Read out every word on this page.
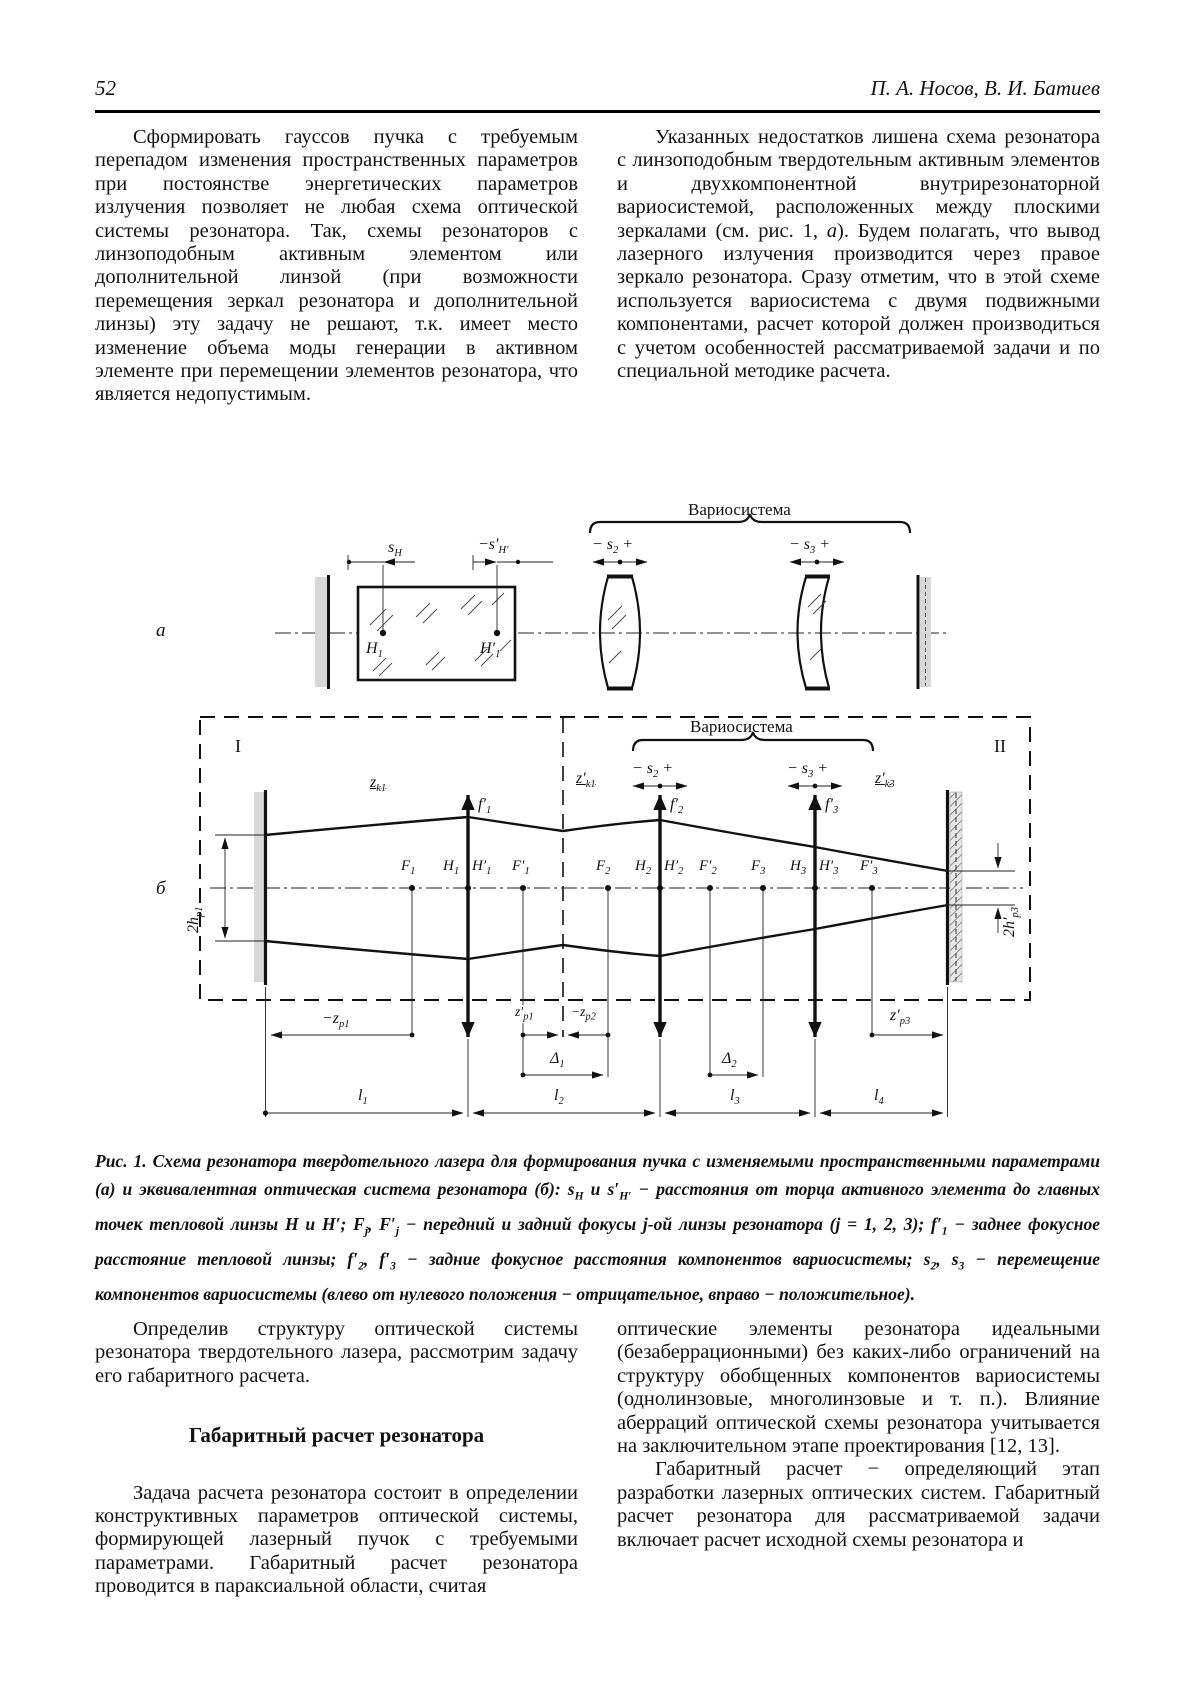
52	П. А. Носов, В. И. Батиев

Сформировать гауссов пучка с требуемым перепадом изменения пространственных параметров при постоянстве энергетических параметров излучения позволяет не любая схема оптической системы резонатора. Так, схемы резонаторов с линзоподобным активным элементом или дополнительной линзой (при возможности перемещения зеркал резонатора и дополнительной линзы) эту задачу не решают, т.к. имеет место изменение объема моды генерации в активном элементе при перемещении элементов резонатора, что является недопустимым.

Указанных недостатков лишена схема резонатора с линзоподобным твердотельным активным элементов и двухкомпонентной внутрирезонаторной вариосистемой, расположенных между плоскими зеркалами (см. рис. 1, а). Будем полагать, что вывод лазерного излучения производится через правое зеркало резонатора. Сразу отметим, что в этой схеме используется вариосистема с двумя подвижными компонентами, расчет которой должен производиться с учетом особенностей рассматриваемой задачи и по специальной методике расчета.

а
$s_H$
$-s'_{H'}$
Вариосистема
− $s_2$ +	− $s_3$ +
$H_1$	$H'_1$
б
I	II
Вариосистема
− $s_2$ +	− $s_3$ +
$z_{k1}$
$z'_{k1}$	$z'_{k3}$
$f'_1$	$f'_2$	$f'_3$
$F_1$ $H_1$ $H'_1$ $F'_1$	$F_2$ $H_2$ $H'_2$ $F'_2$ $F_3$ $H_3$ $H'_3$ $F'_3$
$2h_{p1}$
$2h'_{p3}$
$-z_{p1}$
$z'_{p1}$	$-z_{p2}$	$z'_{p3}$
$\Delta_1$	$\Delta_2$
$l_1$	$l_2$	$l_3$	$l_4$
Рис. 1. Схема резонатора твердотельного лазера для формирования пучка с изменяемыми пространственными параметрами (а) и эквивалентная оптическая система резонатора (б): $s_H$ и $s'_{H'}$ − расстояния от торца активного элемента до главных точек тепловой линзы H и H′; $F_j$, $F'_j$ − передний и задний фокусы j-ой линзы резонатора (j = 1, 2, 3); $f'_1$ − заднее фокусное расстояние тепловой линзы; $f'_2$, $f'_3$ − задние фокусное расстояния компонентов вариосистемы; $s_2$, $s_3$ − перемещение компонентов вариосистемы (влево от нулевого положения − отрицательное, вправо − положительное).

Определив структуру оптической системы резонатора твердотельного лазера, рассмотрим задачу его габаритного расчета.

Габаритный расчет резонатора

Задача расчета резонатора состоит в определении конструктивных параметров оптической системы, формирующей лазерный пучок с требуемыми параметрами. Габаритный расчет резонатора проводится в параксиальной области, считая

оптические элементы резонатора идеальными (безаберрационными) без каких-либо ограничений на структуру обобщенных компонентов вариосистемы (однолинзовые, многолинзовые и т. п.). Влияние аберраций оптической схемы резонатора учитывается на заключительном этапе проектирования [12, 13].

Габаритный расчет − определяющий этап разработки лазерных оптических систем. Габаритный расчет резонатора для рассматриваемой задачи включает расчет исходной схемы резонатора и
